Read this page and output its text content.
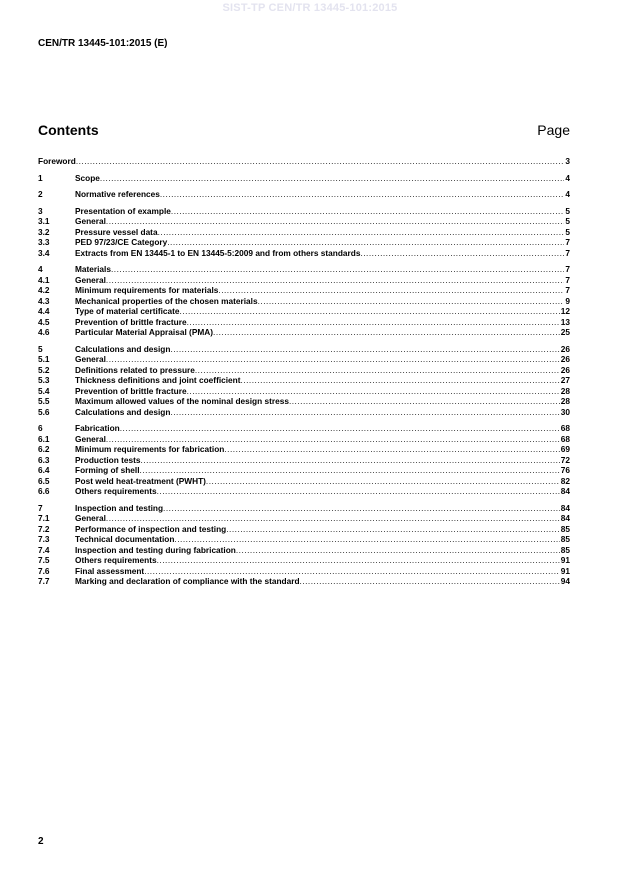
SIST-TP CEN/TR 13445-101:2015
CEN/TR 13445-101:2015 (E)
Contents	Page
Foreword .....	3
1	Scope .....	4
2	Normative references .....	4
3	Presentation of example .....	5
3.1	General .....	5
3.2	Pressure vessel data .....	5
3.3	PED 97/23/CE Category .....	7
3.4	Extracts from EN 13445-1 to EN 13445-5:2009 and from others standards .....	7
4	Materials .....	7
4.1	General .....	7
4.2	Minimum requirements for materials .....	7
4.3	Mechanical properties of the chosen materials .....	9
4.4	Type of material certificate .....	12
4.5	Prevention of brittle fracture .....	13
4.6	Particular Material Appraisal (PMA) .....	25
5	Calculations and design .....	26
5.1	General .....	26
5.2	Definitions related to pressure .....	26
5.3	Thickness definitions and joint coefficient .....	27
5.4	Prevention of brittle fracture .....	28
5.5	Maximum allowed values of the nominal design stress .....	28
5.6	Calculations and design .....	30
6	Fabrication .....	68
6.1	General .....	68
6.2	Minimum requirements for fabrication .....	69
6.3	Production tests .....	72
6.4	Forming of shell .....	76
6.5	Post weld heat-treatment (PWHT) .....	82
6.6	Others requirements .....	84
7	Inspection and testing .....	84
7.1	General .....	84
7.2	Performance of inspection and testing .....	85
7.3	Technical documentation .....	85
7.4	Inspection and testing during fabrication .....	85
7.5	Others requirements .....	91
7.6	Final assessment .....	91
7.7	Marking and declaration of compliance with the standard .....	94
2
